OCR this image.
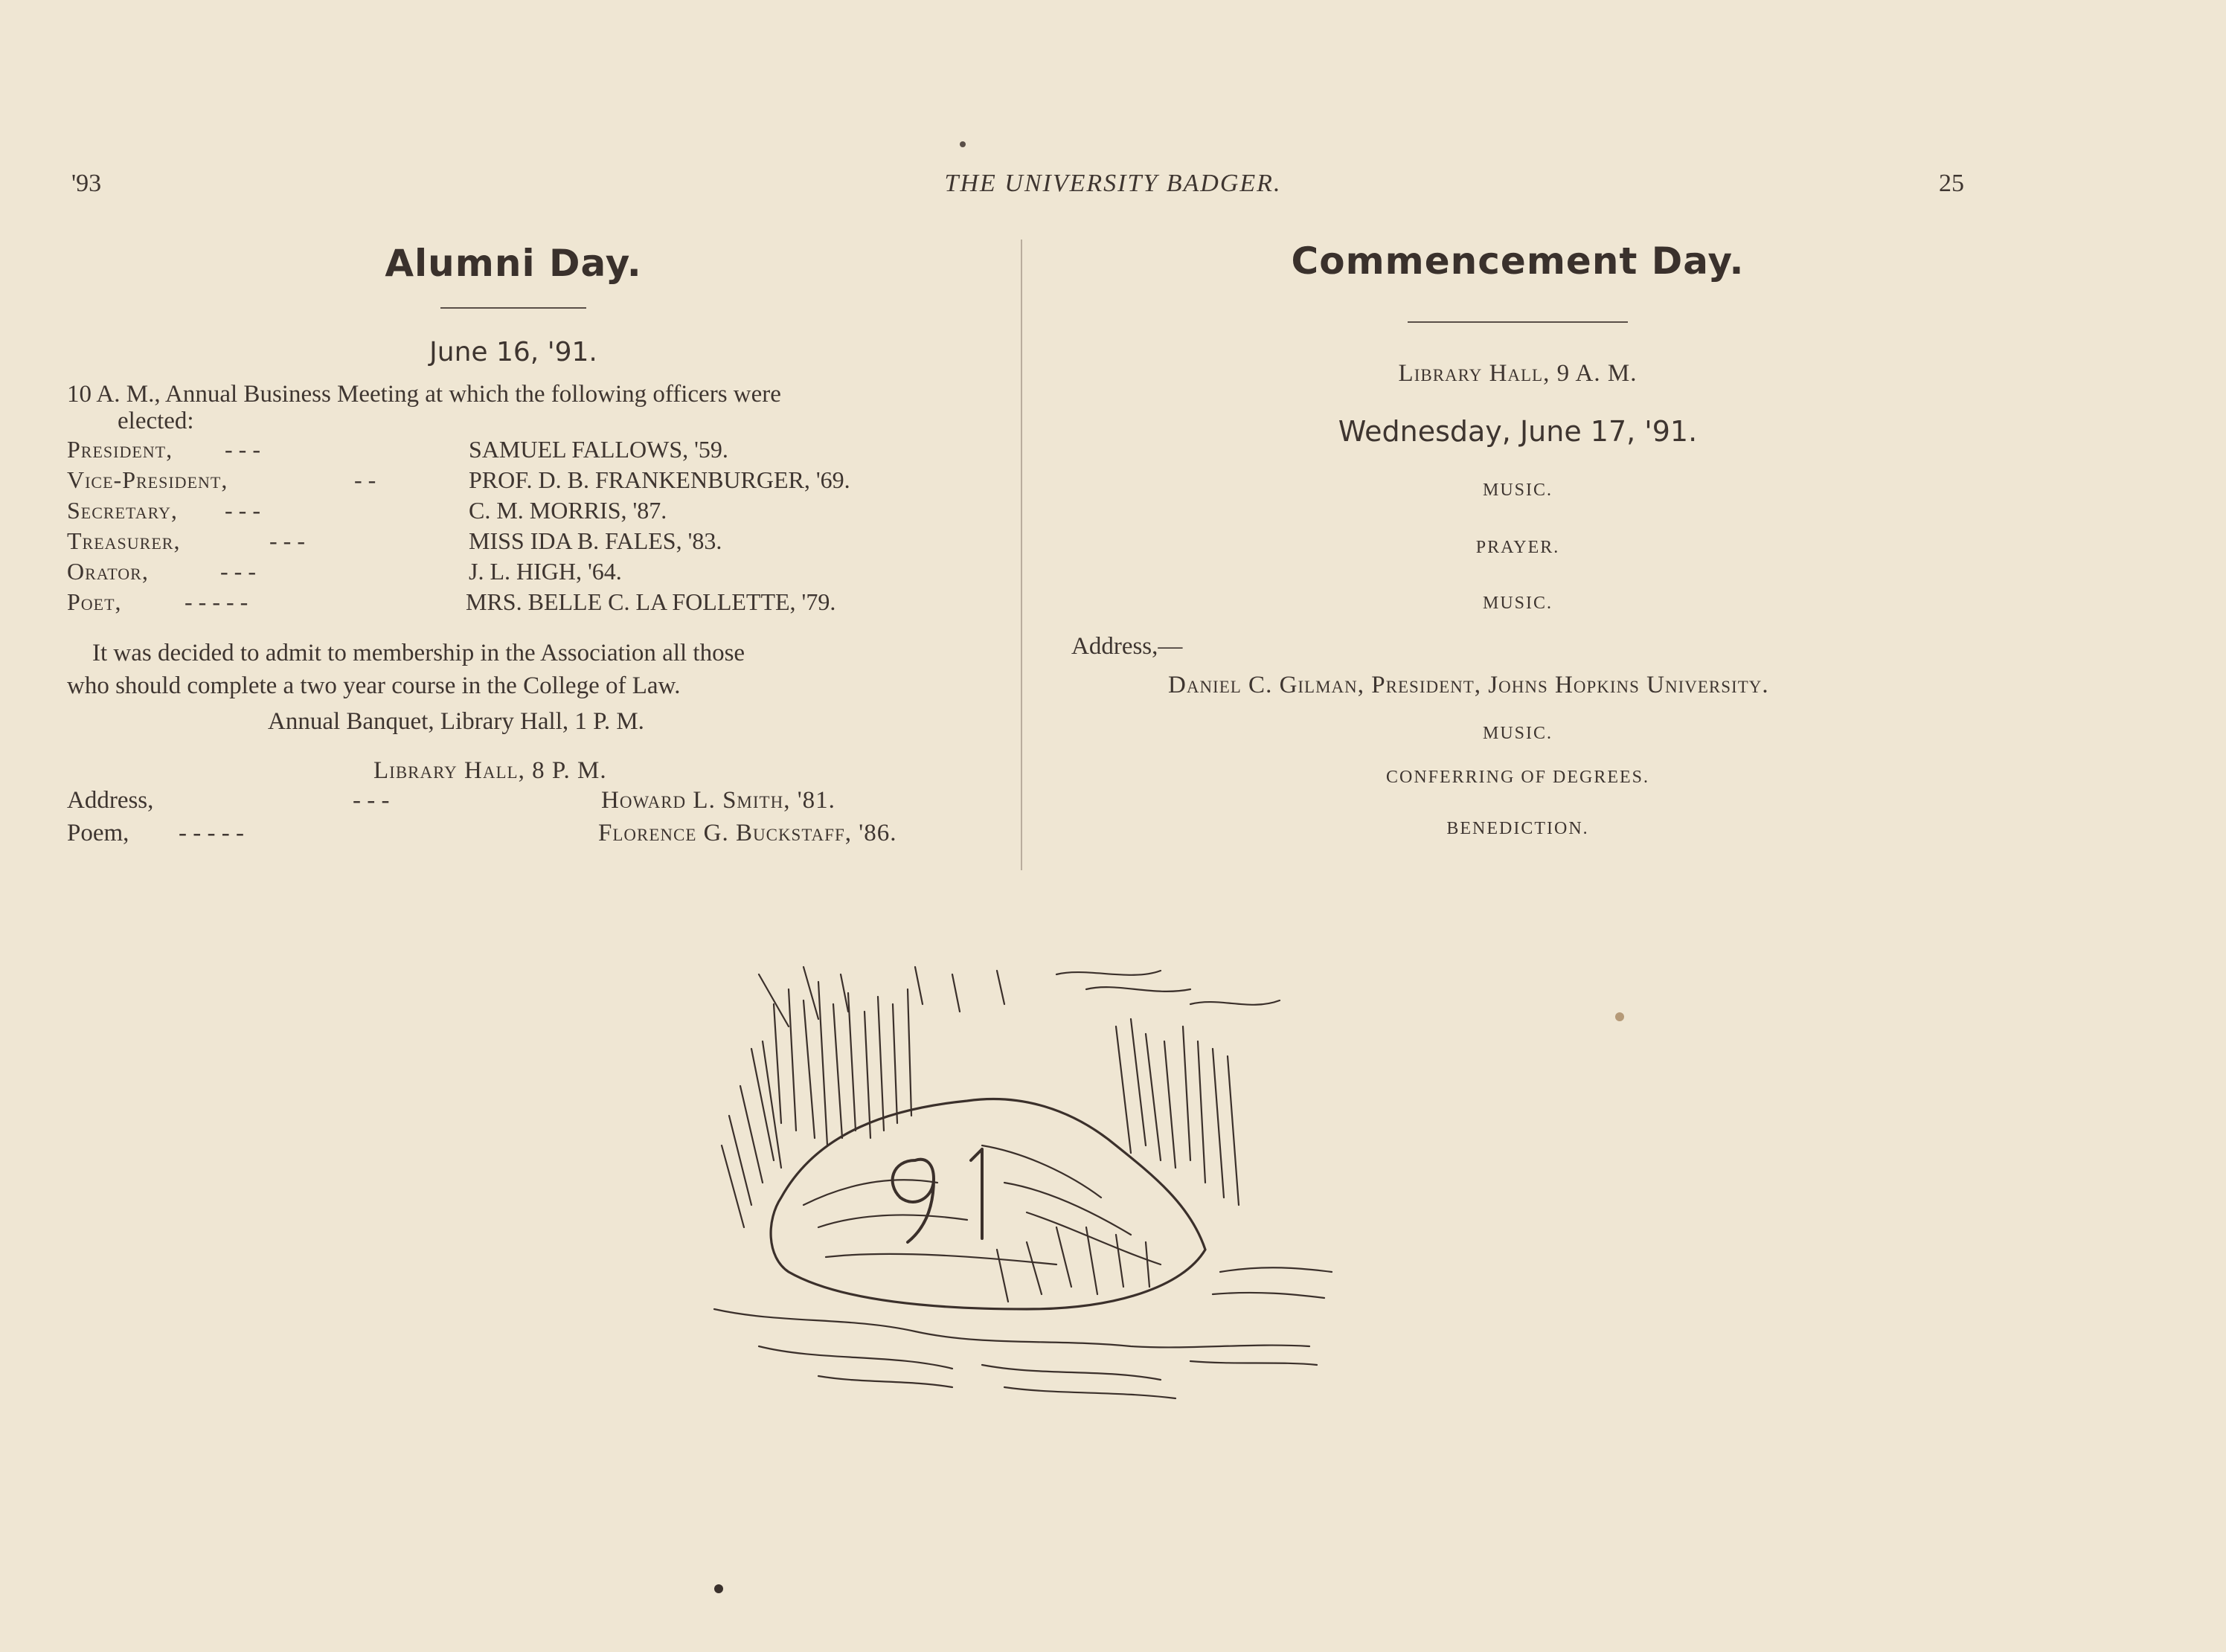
'93	THE UNIVERSITY BADGER.	25
Alumni Day.
June 16, '91.
10 A. M., Annual Business Meeting at which the following officers were
elected:
President, - - -	SAMUEL FALLOWS, '59.
Vice-President,	- -	PROF. D. B. FRANKENBURGER, '69.
Secretary, - - -	C. M. MORRIS, '87.
Treasurer,	- - -	MISS IDA B. FALES, '83.
Orator,	- - -	J. L. HIGH, '64.
Poet,	- - - - -	MRS. BELLE C. LA FOLLETTE, '79.
It was decided to admit to membership in the Association all those
who should complete a two year course in the College of Law.
Annual Banquet, Library Hall, 1 P. M.
Library Hall, 8 P. M.
Address,	- - -	Howard L. Smith, '81.
Poem, - - - - -	Florence G. Buckstaff, '86.
Commencement Day.
Library Hall, 9 A. M.
Wednesday, June 17, '91.
MUSIC.
PRAYER.
MUSIC.
Address,—
Daniel C. Gilman, President, Johns Hopkins University.
MUSIC.
CONFERRING OF DEGREES.
BENEDICTION.
